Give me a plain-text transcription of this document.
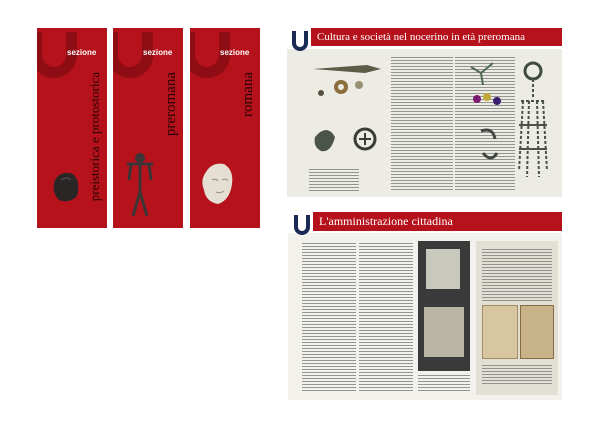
sezione
preistorica e protostorica
sezione
preromana
sezione
romana
Cultura e società nel nocerino in età preromana
L'amministrazione cittadina
